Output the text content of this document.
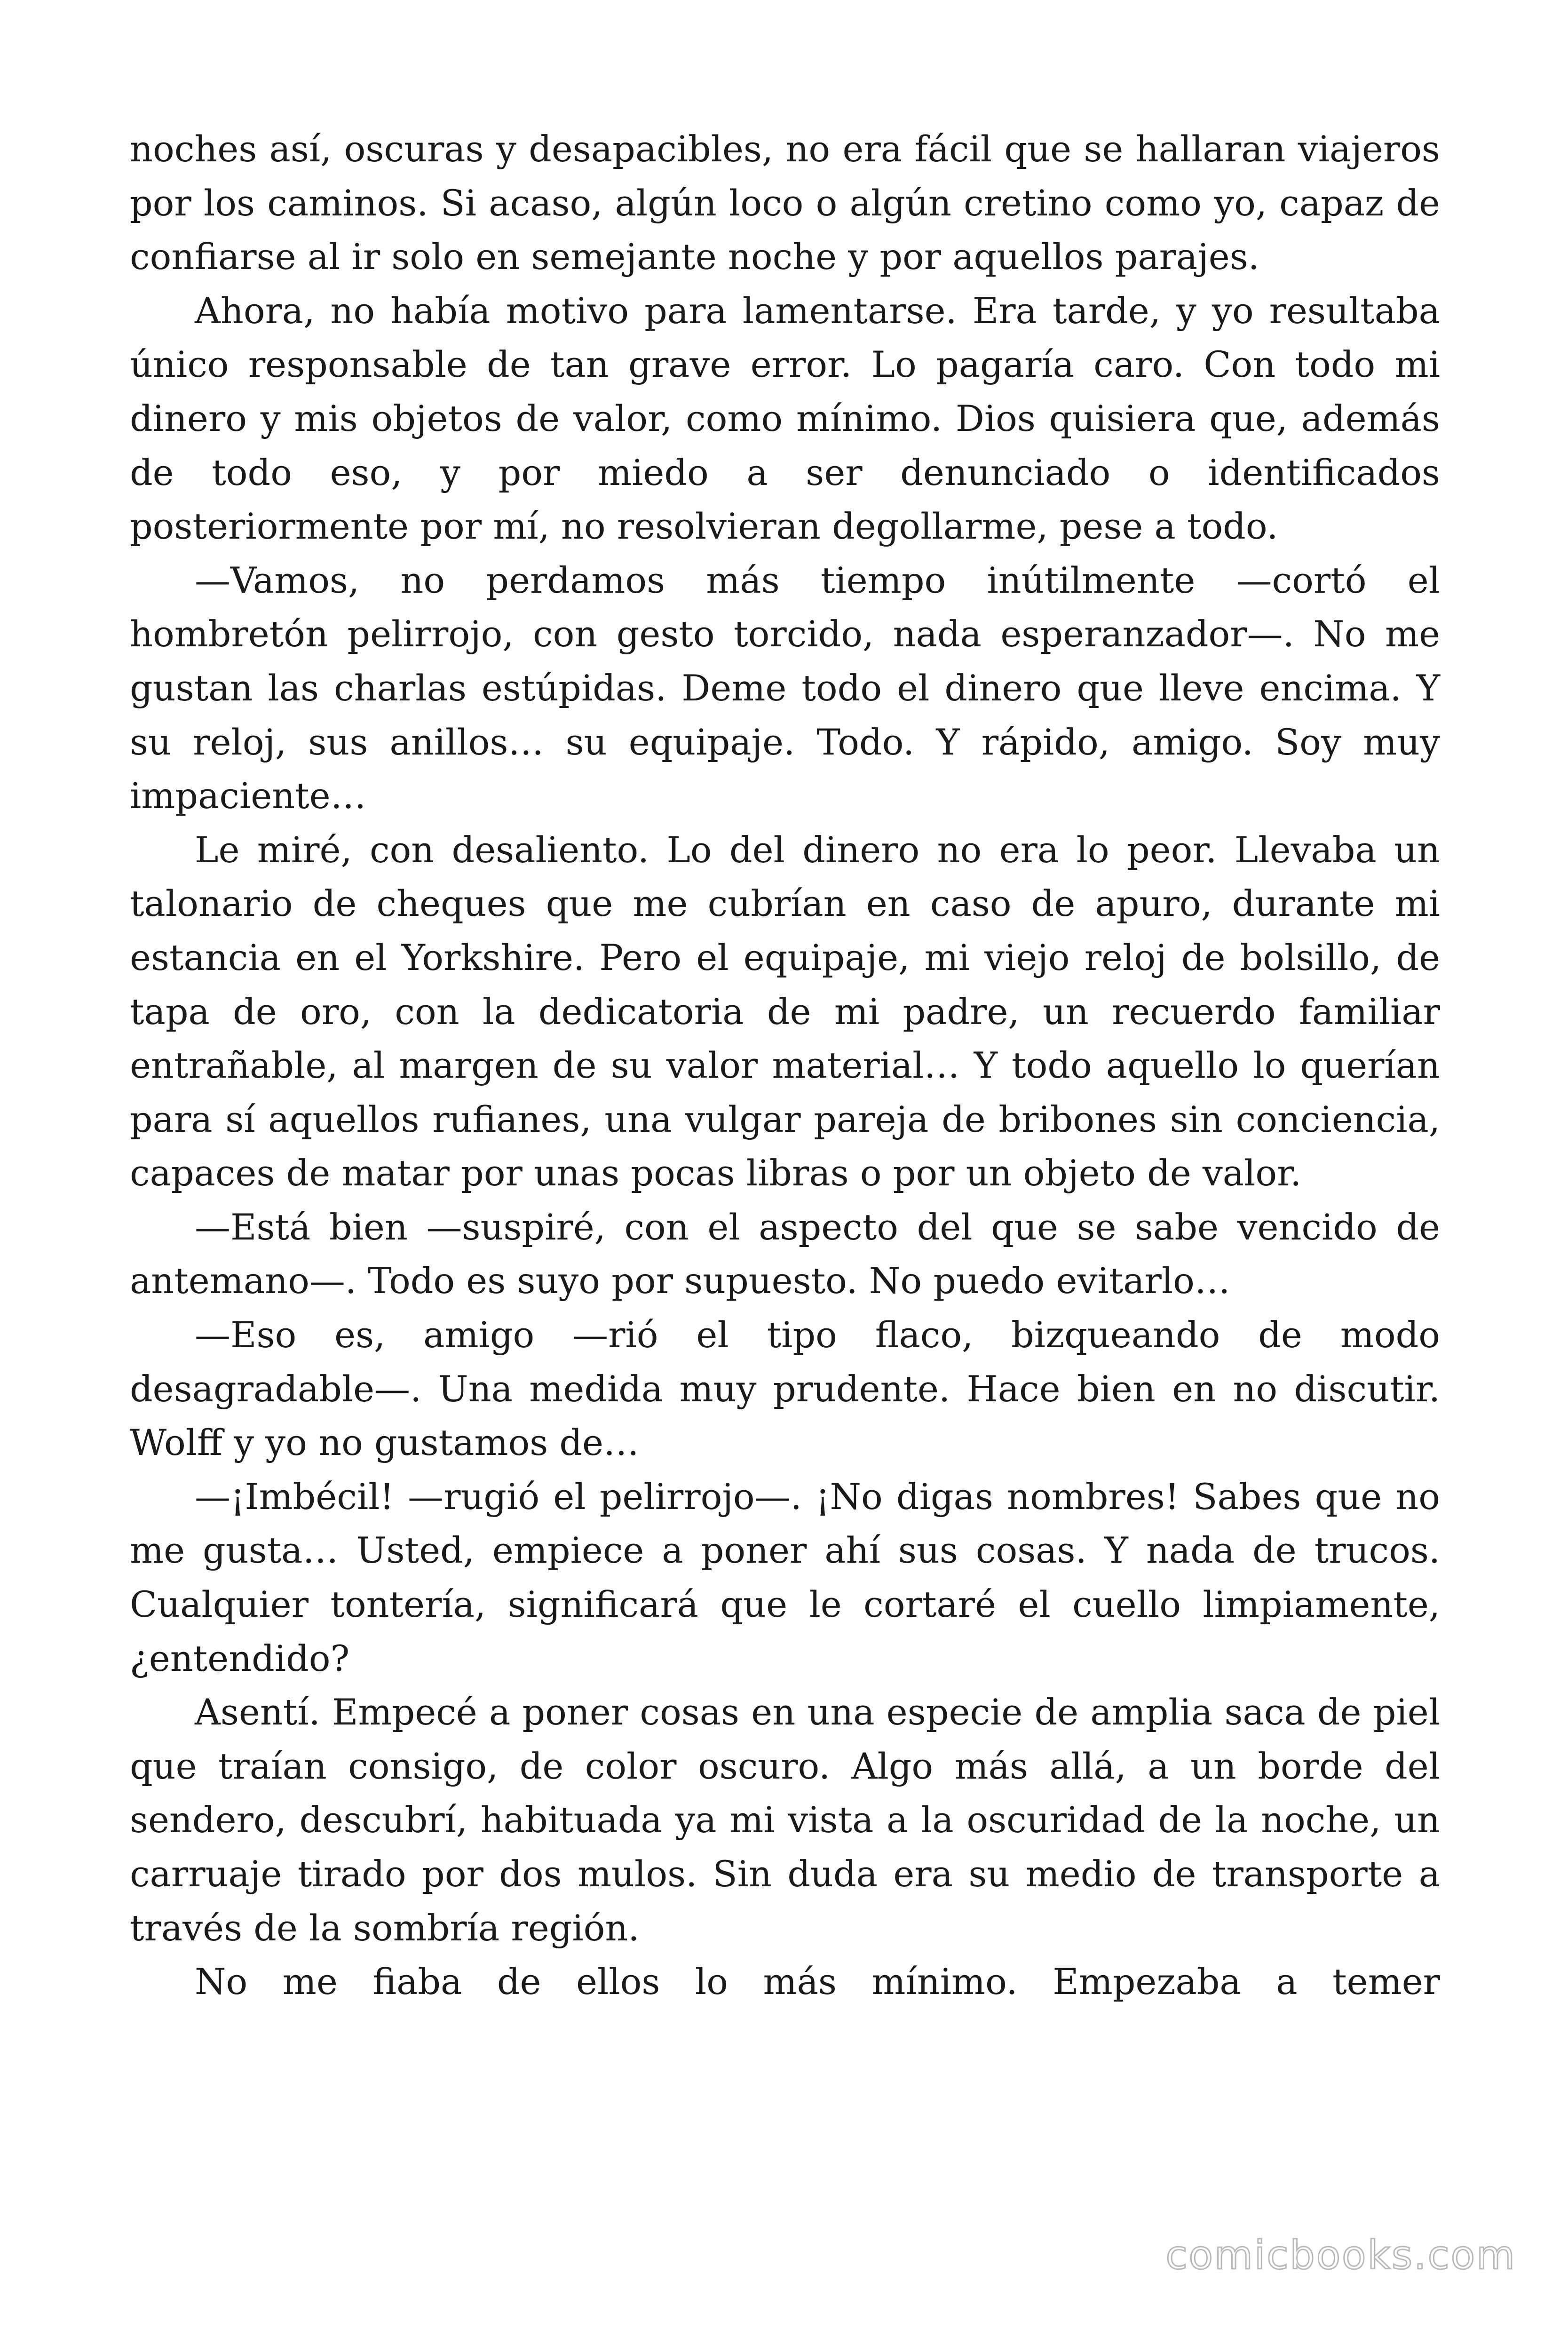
noches así, oscuras y desapacibles, no era fácil que se hallaran viajeros por los caminos. Si acaso, algún loco o algún cretino como yo, capaz de confiarse al ir solo en semejante noche y por aquellos parajes.

Ahora, no había motivo para lamentarse. Era tarde, y yo resultaba único responsable de tan grave error. Lo pagaría caro. Con todo mi dinero y mis objetos de valor, como mínimo. Dios quisiera que, además de todo eso, y por miedo a ser denunciado o identificados posteriormente por mí, no resolvieran degollarme, pese a todo.

—Vamos, no perdamos más tiempo inútilmente —cortó el hombretón pelirrojo, con gesto torcido, nada esperanzador—. No me gustan las charlas estúpidas. Deme todo el dinero que lleve encima. Y su reloj, sus anillos… su equipaje. Todo. Y rápido, amigo. Soy muy impaciente…

Le miré, con desaliento. Lo del dinero no era lo peor. Llevaba un talonario de cheques que me cubrían en caso de apuro, durante mi estancia en el Yorkshire. Pero el equipaje, mi viejo reloj de bolsillo, de tapa de oro, con la dedicatoria de mi padre, un recuerdo familiar entrañable, al margen de su valor material… Y todo aquello lo querían para sí aquellos rufianes, una vulgar pareja de bribones sin conciencia, capaces de matar por unas pocas libras o por un objeto de valor.

—Está bien —suspiré, con el aspecto del que se sabe vencido de antemano—. Todo es suyo por supuesto. No puedo evitarlo…

—Eso es, amigo —rió el tipo flaco, bizqueando de modo desagradable—. Una medida muy prudente. Hace bien en no discutir. Wolff y yo no gustamos de…

—¡Imbécil! —rugió el pelirrojo—. ¡No digas nombres! Sabes que no me gusta… Usted, empiece a poner ahí sus cosas. Y nada de trucos. Cualquier tontería, significará que le cortaré el cuello limpiamente, ¿entendido?

Asentí. Empecé a poner cosas en una especie de amplia saca de piel que traían consigo, de color oscuro. Algo más allá, a un borde del sendero, descubrí, habituada ya mi vista a la oscuridad de la noche, un carruaje tirado por dos mulos. Sin duda era su medio de transporte a través de la sombría región.

No me fiaba de ellos lo más mínimo. Empezaba a temer

comicbooks.com
